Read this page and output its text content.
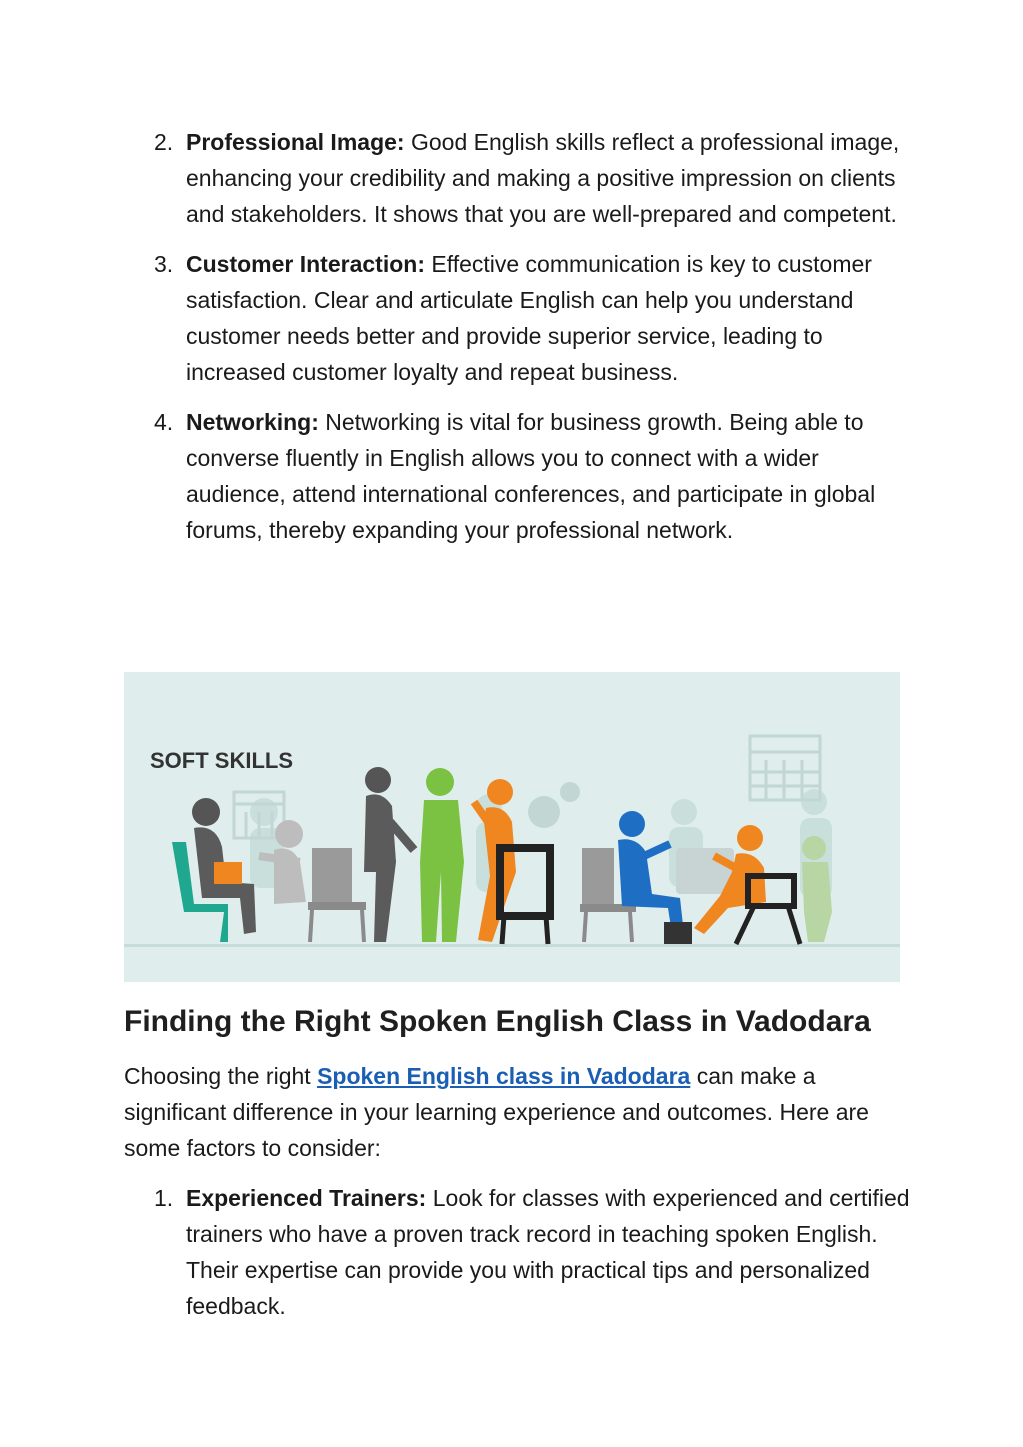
2. Professional Image: Good English skills reflect a professional image, enhancing your credibility and making a positive impression on clients and stakeholders. It shows that you are well-prepared and competent.

3. Customer Interaction: Effective communication is key to customer satisfaction. Clear and articulate English can help you understand customer needs better and provide superior service, leading to increased customer loyalty and repeat business.

4. Networking: Networking is vital for business growth. Being able to converse fluently in English allows you to connect with a wider audience, attend international conferences, and participate in global forums, thereby expanding your professional network.

SOFT SKILLS
Finding the Right Spoken English Class in Vadodara

Choosing the right Spoken English class in Vadodara can make a significant difference in your learning experience and outcomes. Here are some factors to consider:

1. Experienced Trainers: Look for classes with experienced and certified trainers who have a proven track record in teaching spoken English. Their expertise can provide you with practical tips and personalized feedback.
